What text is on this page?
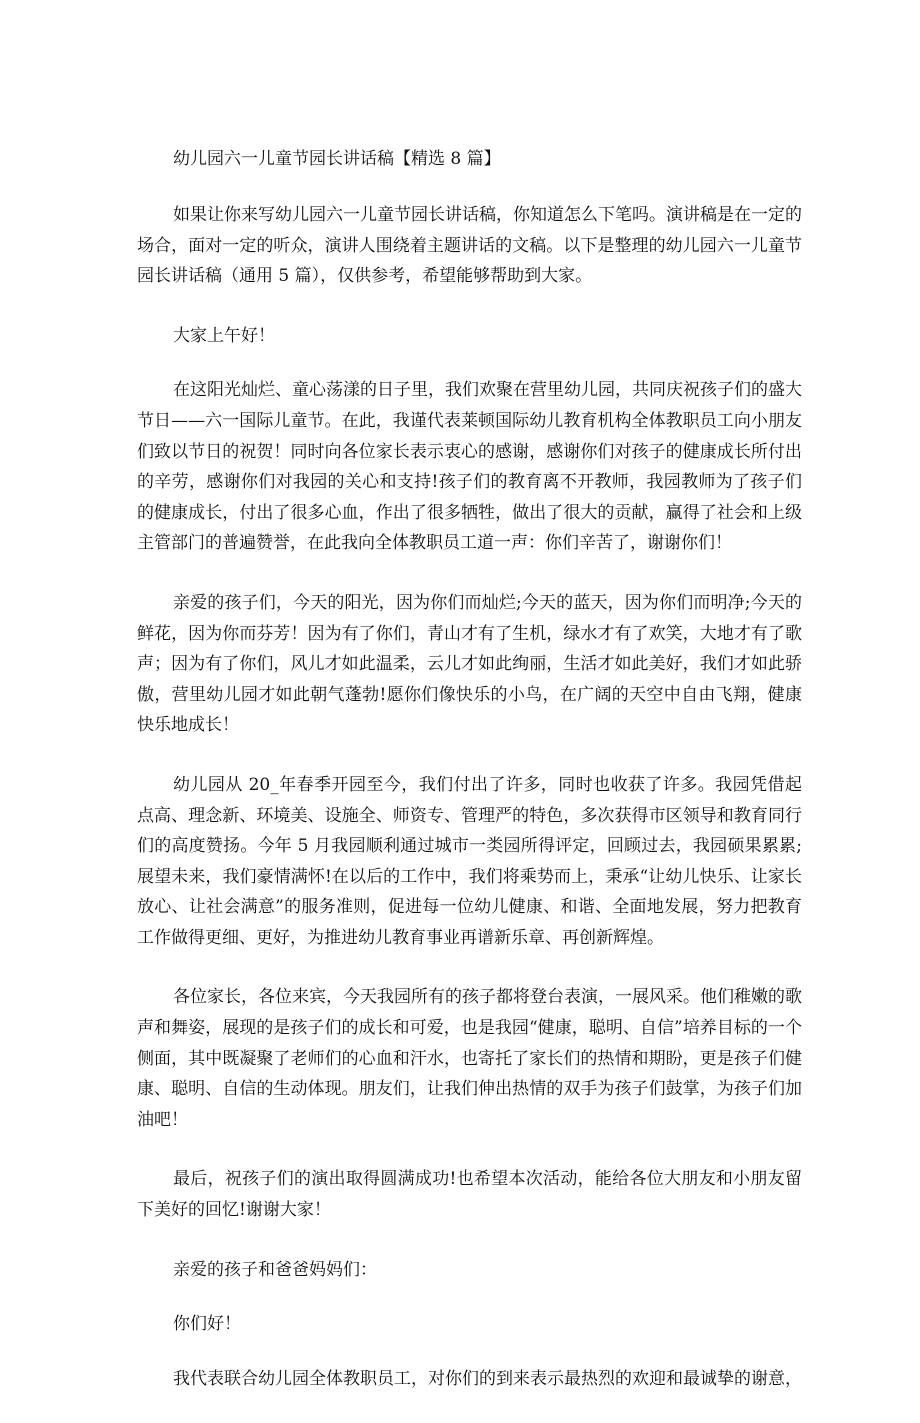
幼儿园六一儿童节园长讲话稿【精选 8 篇】

如果让你来写幼儿园六一儿童节园长讲话稿，你知道怎么下笔吗。演讲稿是在一定的场合，面对一定的听众，演讲人围绕着主题讲话的文稿。以下是整理的幼儿园六一儿童节园长讲话稿（通用 5 篇），仅供参考，希望能够帮助到大家。

大家上午好！

在这阳光灿烂、童心荡漾的日子里，我们欢聚在营里幼儿园，共同庆祝孩子们的盛大节日——六一国际儿童节。在此，我谨代表莱顿国际幼儿教育机构全体教职员工向小朋友们致以节日的祝贺！同时向各位家长表示衷心的感谢，感谢你们对孩子的健康成长所付出的辛劳，感谢你们对我园的关心和支持!孩子们的教育离不开教师，我园教师为了孩子们的健康成长，付出了很多心血，作出了很多牺牲，做出了很大的贡献，赢得了社会和上级主管部门的普遍赞誉，在此我向全体教职员工道一声：你们辛苦了，谢谢你们！

亲爱的孩子们，今天的阳光，因为你们而灿烂;今天的蓝天，因为你们而明净;今天的鲜花，因为你而芬芳！因为有了你们，青山才有了生机，绿水才有了欢笑，大地才有了歌声；因为有了你们，风儿才如此温柔，云儿才如此绚丽，生活才如此美好，我们才如此骄傲，营里幼儿园才如此朝气蓬勃!愿你们像快乐的小鸟，在广阔的天空中自由飞翔，健康快乐地成长！

幼儿园从 20_年春季开园至今，我们付出了许多，同时也收获了许多。我园凭借起点高、理念新、环境美、设施全、师资专、管理严的特色，多次获得市区领导和教育同行们的高度赞扬。今年 5 月我园顺利通过城市一类园所得评定，回顾过去，我园硕果累累;展望未来，我们豪情满怀!在以后的工作中，我们将乘势而上，秉承“让幼儿快乐、让家长放心、让社会满意”的服务准则，促进每一位幼儿健康、和谐、全面地发展，努力把教育工作做得更细、更好，为推进幼儿教育事业再谱新乐章、再创新辉煌。

各位家长，各位来宾，今天我园所有的孩子都将登台表演，一展风采。他们稚嫩的歌声和舞姿，展现的是孩子们的成长和可爱，也是我园“健康，聪明、自信”培养目标的一个侧面，其中既凝聚了老师们的心血和汗水，也寄托了家长们的热情和期盼，更是孩子们健康、聪明、自信的生动体现。朋友们，让我们伸出热情的双手为孩子们鼓掌，为孩子们加油吧！

最后，祝孩子们的演出取得圆满成功!也希望本次活动，能给各位大朋友和小朋友留下美好的回忆!谢谢大家！

亲爱的孩子和爸爸妈妈们：

你们好！

我代表联合幼儿园全体教职员工，对你们的到来表示最热烈的欢迎和最诚挚的谢意，
